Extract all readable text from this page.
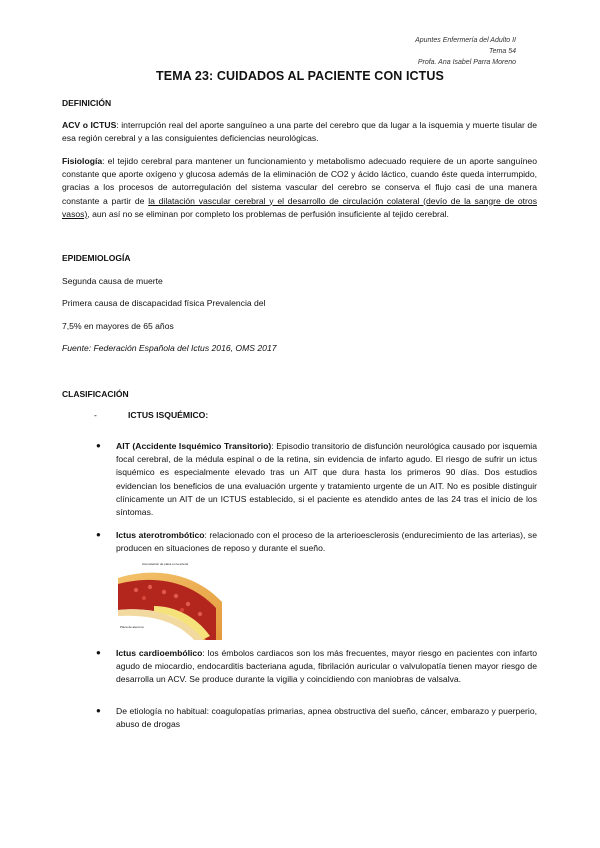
Apuntes Enfermería del Adulto II
Tema 54
Profa. Ana Isabel Parra Moreno
TEMA 23: CUIDADOS AL PACIENTE CON ICTUS
DEFINICIÓN
ACV o ICTUS: interrupción real del aporte sanguíneo a una parte del cerebro que da lugar a la isquemia y muerte tisular de esa región cerebral y a las consiguientes deficiencias neurológicas.
Fisiología: el tejido cerebral para mantener un funcionamiento y metabolismo adecuado requiere de un aporte sanguíneo constante que aporte oxígeno y glucosa además de la eliminación de CO2 y ácido láctico, cuando éste queda interrumpido, gracias a los procesos de autorregulación del sistema vascular del cerebro se conserva el flujo casi de una manera constante a partir de la dilatación vascular cerebral y el desarrollo de circulación colateral (devío de la sangre de otros vasos), aun así no se eliminan por completo los problemas de perfusión insuficiente al tejido cerebral.
EPIDEMIOLOGÍA
Segunda causa de muerte
Primera causa de discapacidad física Prevalencia del
7,5% en mayores de 65 años
Fuente: Federación Española del Ictus 2016, OMS 2017
CLASIFICACIÓN
-	ICTUS ISQUÉMICO:
● AIT (Accidente Isquémico Transitorio): Episodio transitorio de disfunción neurológica causado por isquemia focal cerebral, de la médula espinal o de la retina, sin evidencia de infarto agudo. El riesgo de sufrir un ictus isquémico es especialmente elevado tras un AIT que dura hasta los primeros 90 días. Dos estudios evidencian los beneficios de una evaluación urgente y tratamiento urgente de un AIT. No es posible distinguir clínicamente un AIT de un ICTUS establecido, si el paciente es atendido antes de las 24 tras el inicio de los síntomas.
● Ictus aterotrombótico: relacionado con el proceso de la arterioesclerosis (endurecimiento de las arterias), se producen en situaciones de reposo y durante el sueño.
Acumulación de placa en la arteria
Placa de ateroma
● Ictus cardioembólico: los émbolos cardiacos son los más frecuentes, mayor riesgo en pacientes con infarto agudo de miocardio, endocarditis bacteriana aguda, fibrilación auricular o valvulopatía tienen mayor riesgo de desarrolla un ACV. Se produce durante la vigilia y coincidiendo con maniobras de valsalva.
● De etiología no habitual: coagulopatías primarias, apnea obstructiva del sueño, cáncer, embarazo y puerperio, abuso de drogas
